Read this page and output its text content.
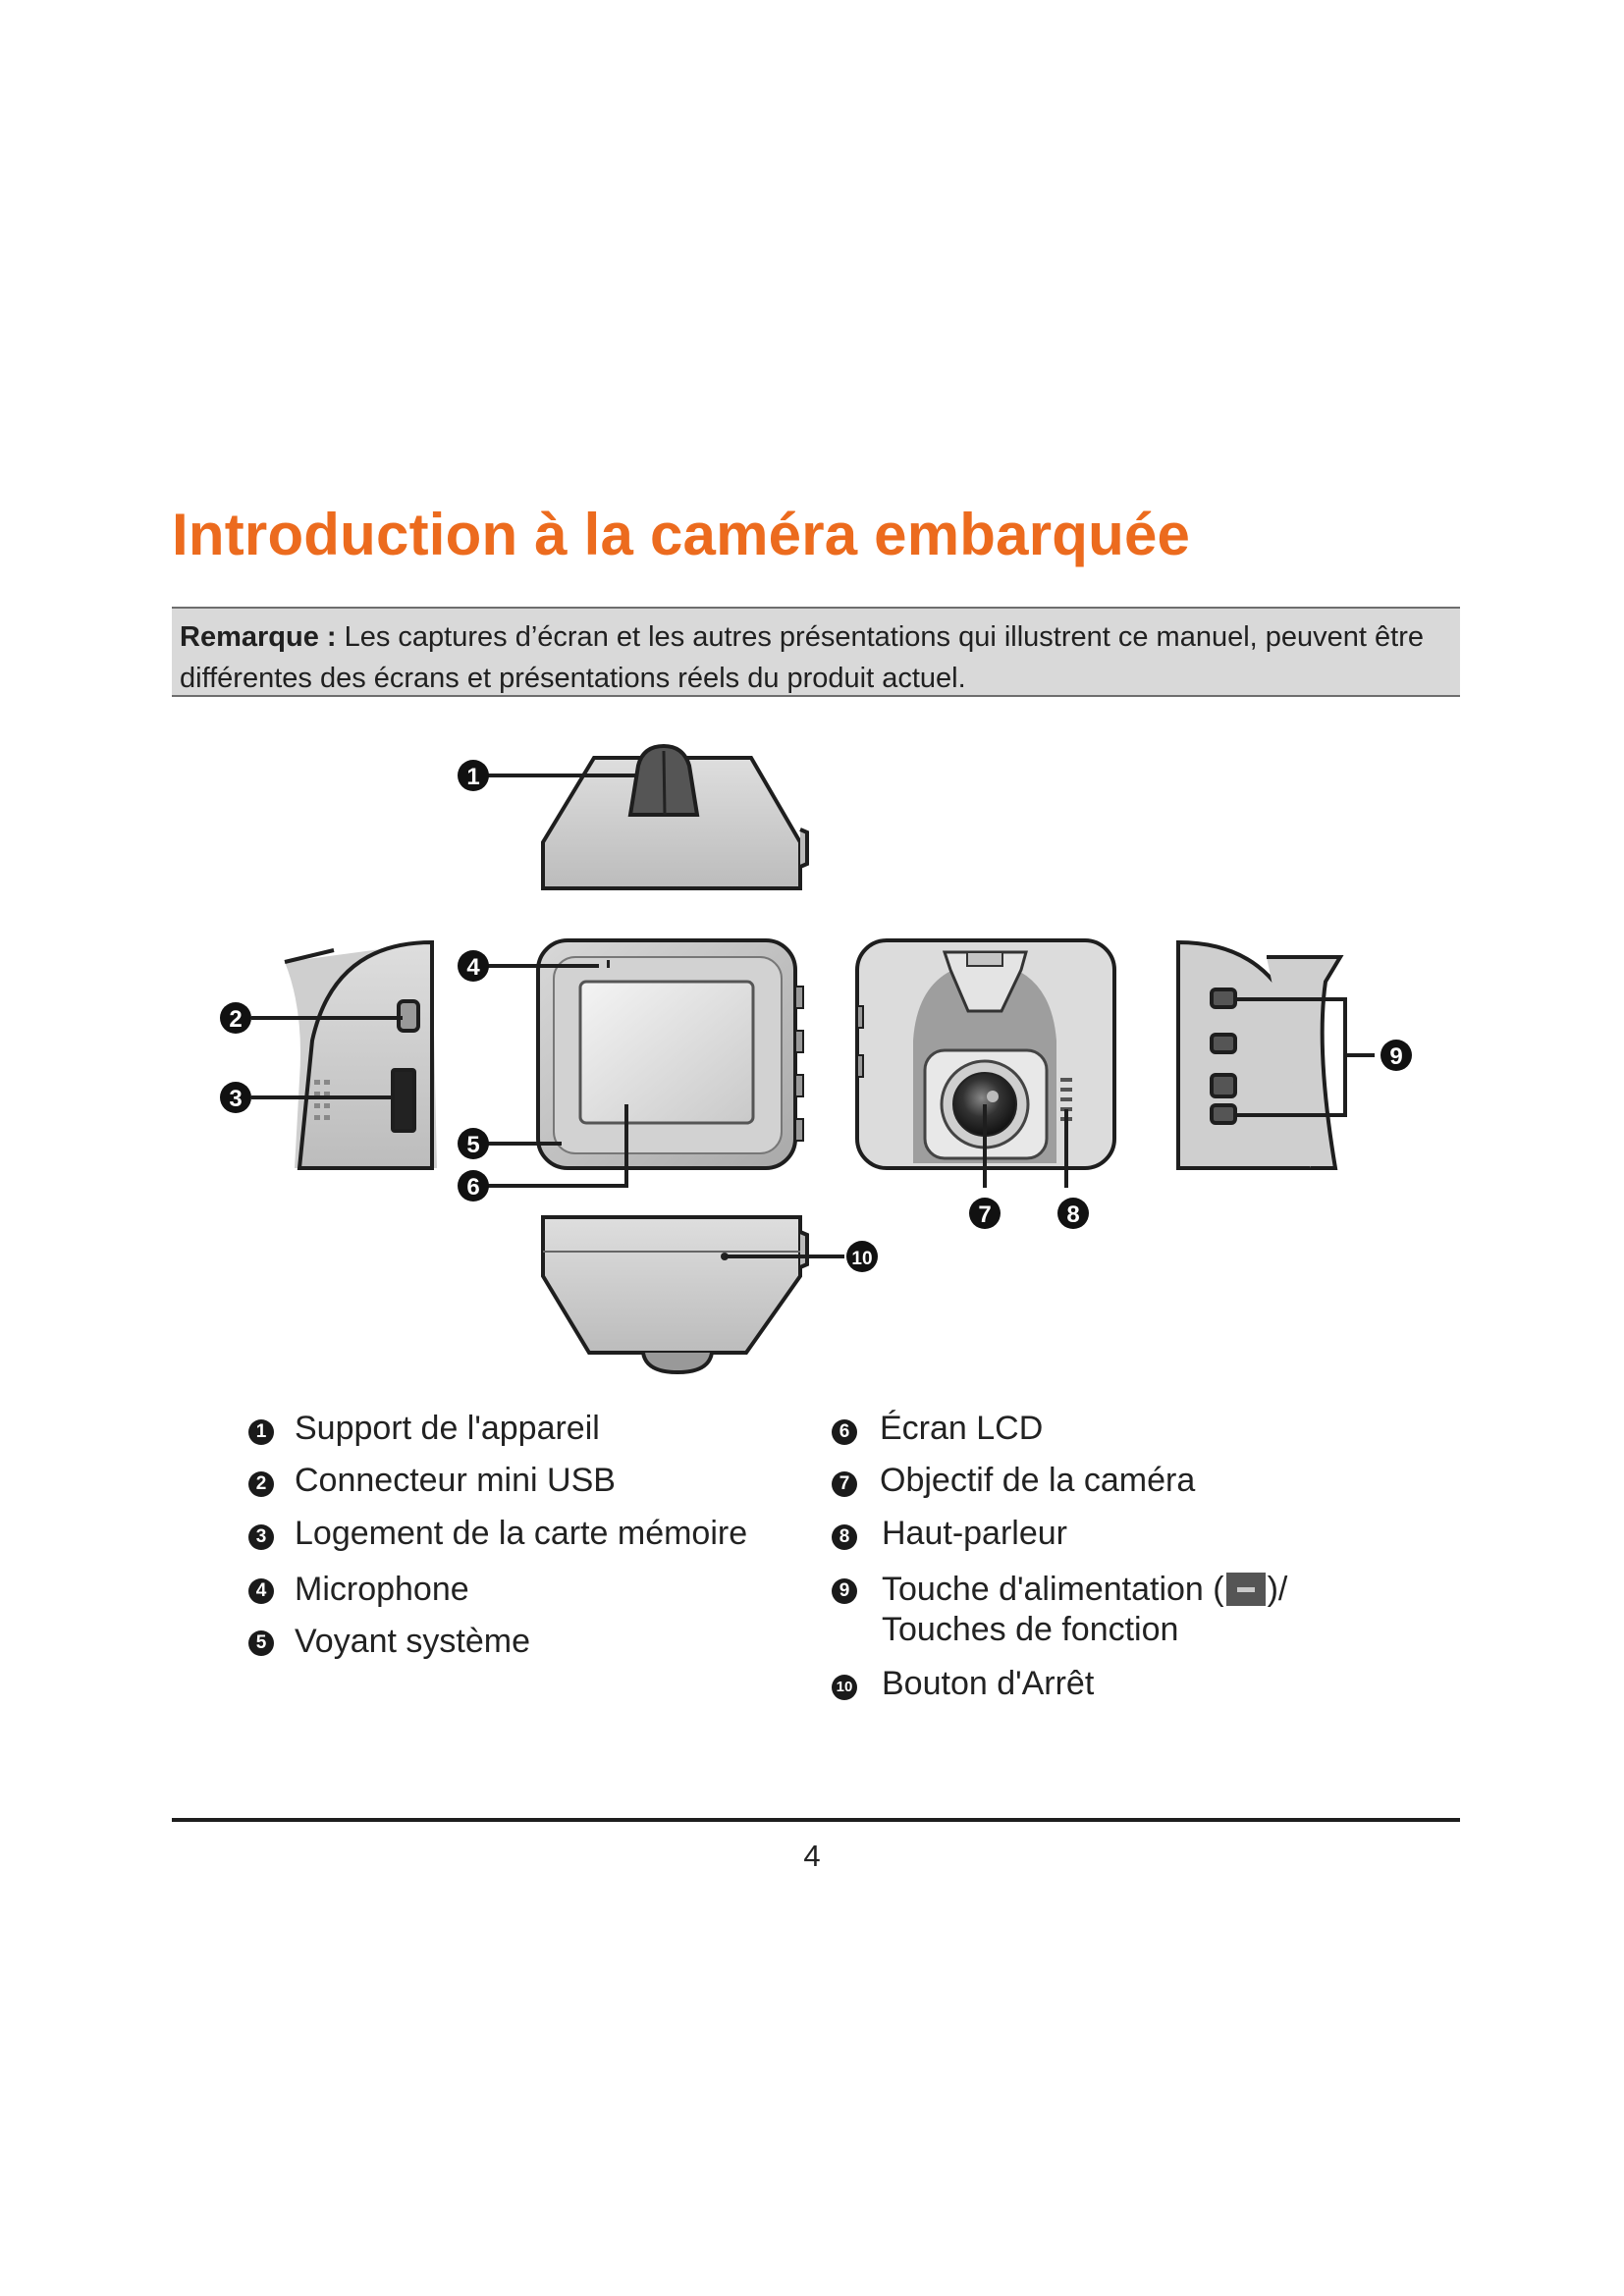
Introduction à la caméra embarquée
Remarque : Les captures d’écran et les autres présentations qui illustrent ce manuel, peuvent être différentes des écrans et présentations réels du produit actuel.
1
2
3
4
5
6
7	8
9
10
1 Support de l'appareil
2 Connecteur mini USB
3 Logement de la carte mémoire
4 Microphone
5 Voyant système
6 Écran LCD
7 Objectif de la caméra
8 Haut-parleur
9 Touche d'alimentation ( )/
Touches de fonction
10 Bouton d'Arrêt
4
